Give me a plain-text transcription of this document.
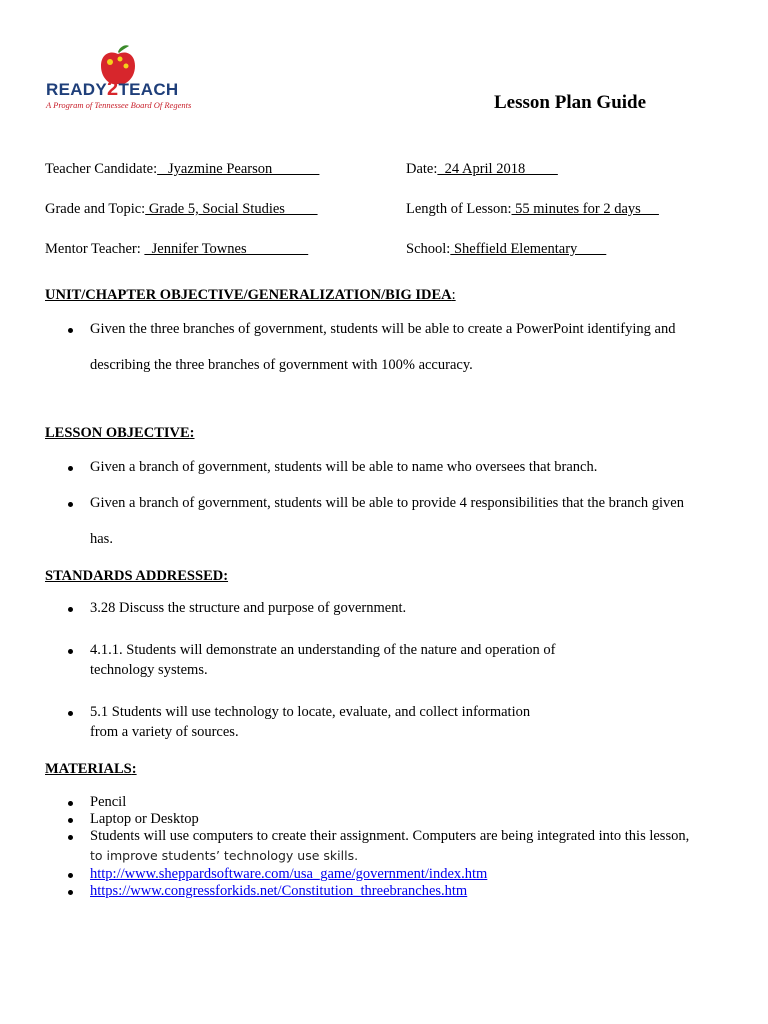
READY2TEACH
A Program of Tennessee Board Of Regents	Lesson Plan Guide
Teacher Candidate:   Jyazmine Pearson	Date:  24 April 2018
Grade and Topic: Grade 5, Social Studies	Length of Lesson: 55 minutes for 2 days
Mentor Teacher:   Jennifer Townes	School: Sheffield Elementary
UNIT/CHAPTER OBJECTIVE/GENERALIZATION/BIG IDEA:
Given the three branches of government, students will be able to create a PowerPoint identifying and
describing the three branches of government with 100% accuracy.
LESSON OBJECTIVE:
Given a branch of government, students will be able to name who oversees that branch.
Given a branch of government, students will be able to provide 4 responsibilities that the branch given
has.
STANDARDS ADDRESSED:
3.28 Discuss the structure and purpose of government.
4.1.1. Students will demonstrate an understanding of the nature and operation of
technology systems.
5.1 Students will use technology to locate, evaluate, and collect information
from a variety of sources.
MATERIALS:
Pencil
Laptop or Desktop
Students will use computers to create their assignment. Computers are being integrated into this lesson,
to improve students’ technology use skills.
http://www.sheppardsoftware.com/usa_game/government/index.htm
https://www.congressforkids.net/Constitution_threebranches.htm
